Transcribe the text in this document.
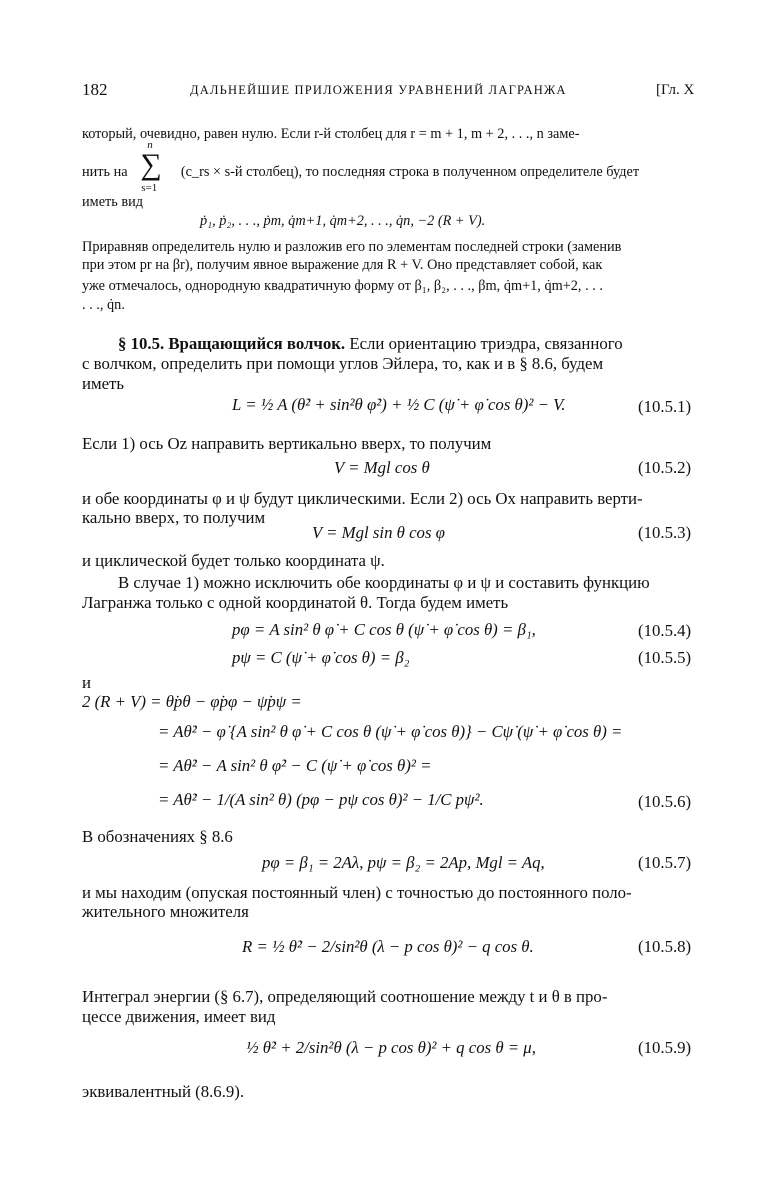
182	ДАЛЬНЕЙШИЕ ПРИЛОЖЕНИЯ УРАВНЕНИЙ ЛАГРАНЖА	[Гл. X
который, очевидно, равен нулю. Если r-й столбец для r = m + 1, m + 2, . . ., n заме-
нить на
n
∑
s=1
(c_rs × s-й столбец), то последняя строка в полученном определителе будет
иметь вид
ṗ₁, ṗ₂, . . ., ṗm, q̇m+1, q̇m+2, . . ., q̇n, −2 (R + V).
Приравняв определитель нулю и разложив его по элементам последней строки (заменив
при этом pr на βr), получим явное выражение для R + V. Оно представляет собой, как
уже отмечалось, однородную квадратичную форму от β₁, β₂, . . ., βm, q̇m+1, q̇m+2, . . .
. . ., q̇n.
§ 10.5. Вращающийся волчок. Если ориентацию триэдра, связанного
с волчком, определить при помощи углов Эйлера, то, как и в § 8.6, будем
иметь
L = ½ A (θ̇² + sin²θ φ̇²) + ½ C (ψ̇ + φ̇ cos θ)² − V.	(10.5.1)
Если 1) ось Oz направить вертикально вверх, то получим
V = Mgl cos θ	(10.5.2)
и обе координаты φ и ψ будут циклическими. Если 2) ось Ox направить верти-
кально вверх, то получим
V = Mgl sin θ cos φ	(10.5.3)
и циклической будет только координата ψ.
В случае 1) можно исключить обе координаты φ и ψ и составить функцию
Лагранжа только с одной координатой θ. Тогда будем иметь
pφ = A sin² θ φ̇ + C cos θ (ψ̇ + φ̇ cos θ) = β₁,	(10.5.4)
pψ = C (ψ̇ + φ̇ cos θ) = β₂	(10.5.5)
и
2 (R + V) = θ̇pθ − φ̇pφ − ψ̇pψ =
= Aθ̇² − φ̇ {A sin² θ φ̇ + C cos θ (ψ̇ + φ̇ cos θ)} − Cψ̇ (ψ̇ + φ̇ cos θ) =
= Aθ̇² − A sin² θ φ̇² − C (ψ̇ + φ̇ cos θ)² =
= Aθ̇² − 1/(A sin² θ) (pφ − pψ cos θ)² − 1/C pψ².	(10.5.6)
В обозначениях § 8.6
pφ = β₁ = 2Aλ, pψ = β₂ = 2Ap, Mgl = Aq,	(10.5.7)
и мы находим (опуская постоянный член) с точностью до постоянного поло-
жительного множителя
R = ½ θ̇² − 2/sin²θ (λ − p cos θ)² − q cos θ.	(10.5.8)
Интеграл энергии (§ 6.7), определяющий соотношение между t и θ в про-
цессе движения, имеет вид
½ θ̇² + 2/sin²θ (λ − p cos θ)² + q cos θ = μ,	(10.5.9)
эквивалентный (8.6.9).
